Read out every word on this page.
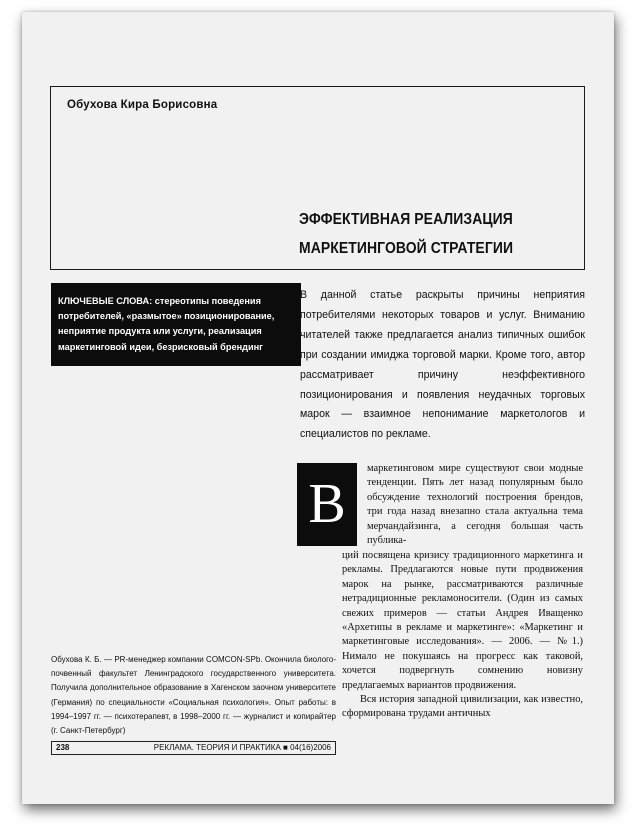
Обухова Кира Борисовна
ЭФФЕКТИВНАЯ РЕАЛИЗАЦИЯ
МАРКЕТИНГОВОЙ СТРАТЕГИИ
КЛЮЧЕВЫЕ СЛОВА: стереотипы поведения потребителей, «размытое» позиционирование, неприятие продукта или услуги, реализация маркетинговой идеи, безрисковый брендинг
В данной статье раскрыты причины неприятия потребителями некоторых товаров и услуг. Вниманию читателей также предлагается анализ типичных ошибок при создании имиджа торговой марки. Кроме того, автор рассматривает причину неэффективного позиционирования и появления неудачных торговых марок — взаимное непонимание маркетологов и специалистов по рекламе.
В
маркетинговом мире существуют свои модные тенденции. Пять лет назад популярным было обсуждение технологий построения брендов, три года назад внезапно стала актуальна тема мерчандайзинга, а сегодня большая часть публика-

ций посвящена кризису традиционного маркетинга и рекламы. Предлагаются новые пути продвижения марок на рынке, рассматриваются различные нетрадиционные рекламоносители. (Один из самых свежих примеров — статьи Андрея Иващенко «Архетипы в рекламе и маркетинге»: «Маркетинг и маркетинговые исследования». — 2006. — №1.) Нимало не покушаясь на прогресс как таковой, хочется подвергнуть сомнению новизну предлагаемых вариантов продвижения.

Вся история западной цивилизации, как известно, сформирована трудами античных

Обухова К. Б. — PR-менеджер компании COMCON-SPb. Окончила биолого-почвенный факультет Ленинградского государственного университета. Получила дополнительное образование в Хагенском заочном университете (Германия) по специальности «Социальная психология». Опыт работы: в 1994–1997 гг. — психотерапевт, в 1998–2000 гг. — журналист и копирайтер (г. Санкт-Петербург)
238	РЕКЛАМА. ТЕОРИЯ И ПРАКТИКА ■ 04(16)2006
